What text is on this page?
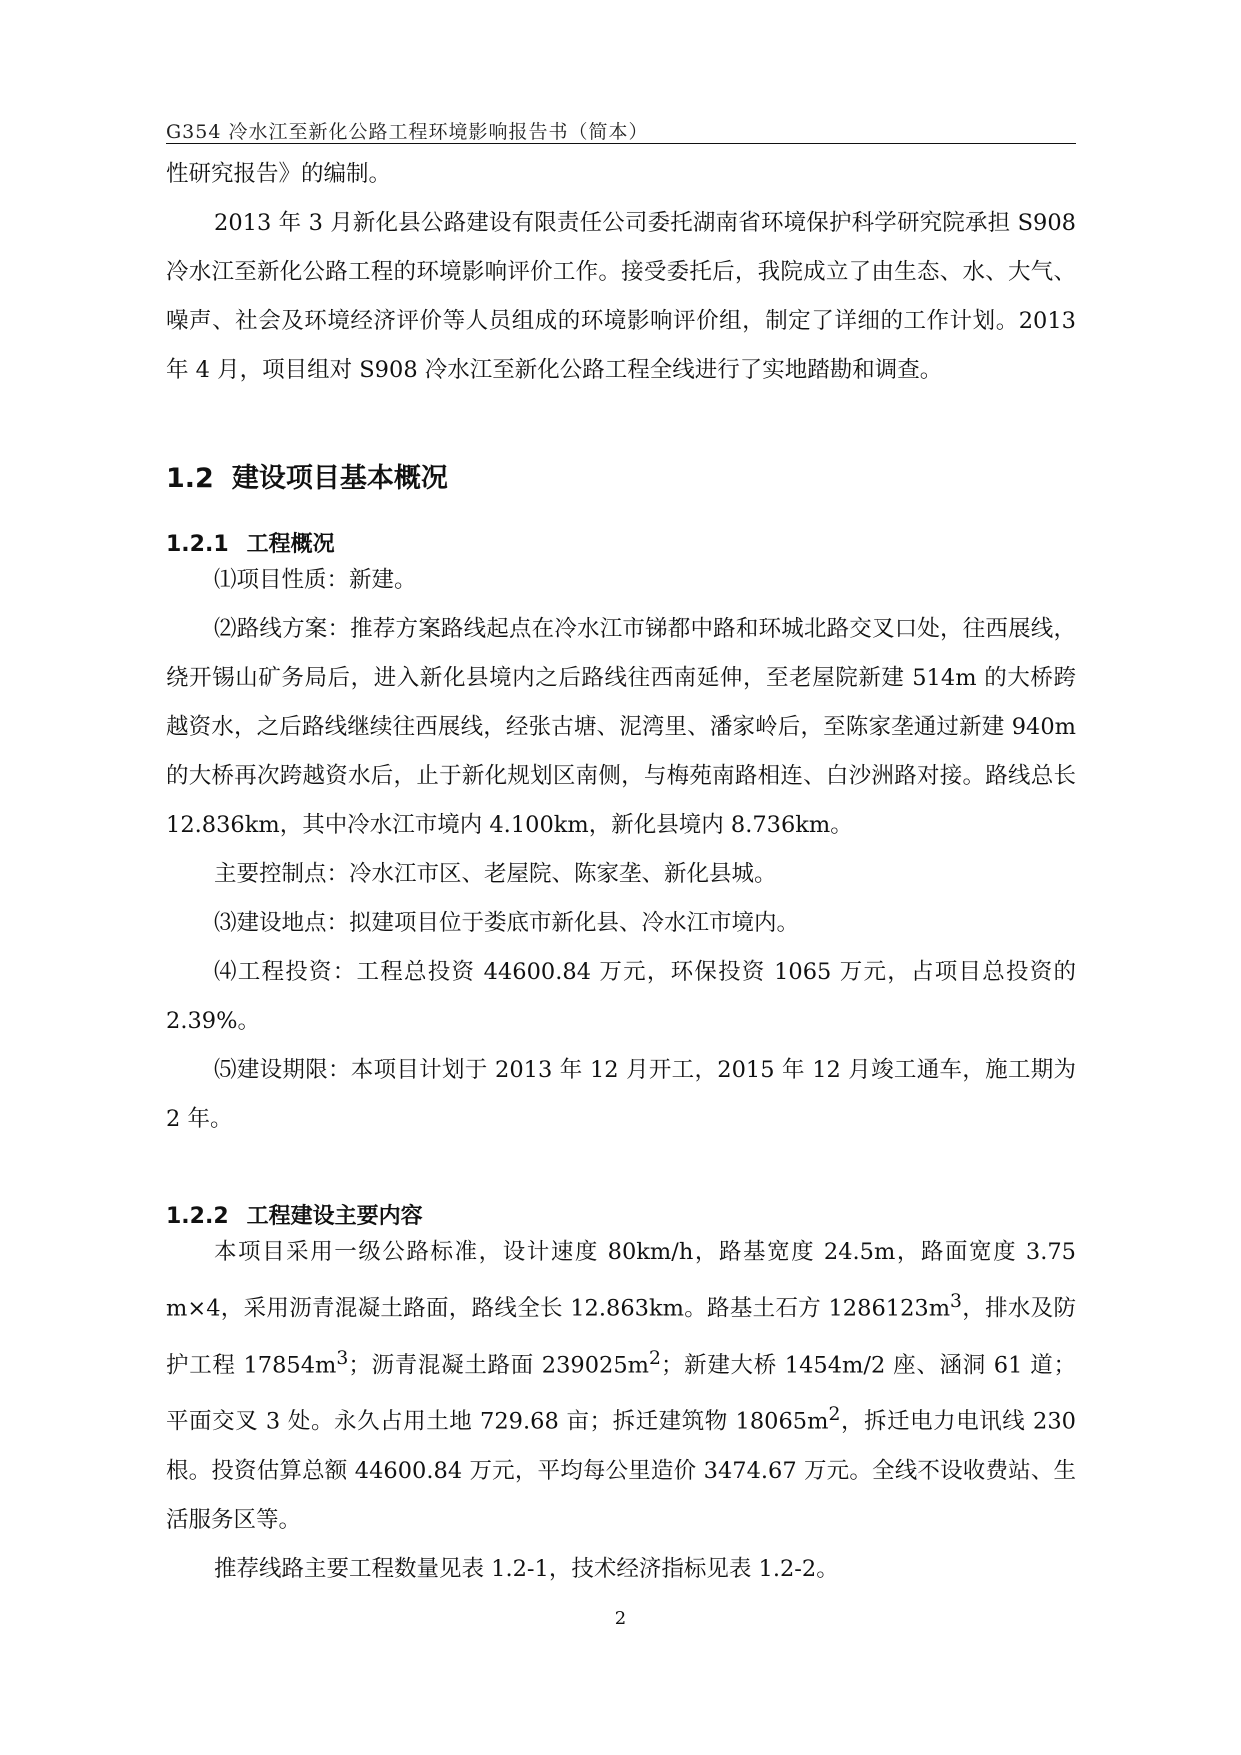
G354 冷水江至新化公路工程环境影响报告书（简本）

性研究报告》的编制。

2013 年 3 月新化县公路建设有限责任公司委托湖南省环境保护科学研究院承担 S908 冷水江至新化公路工程的环境影响评价工作。接受委托后，我院成立了由生态、水、大气、噪声、社会及环境经济评价等人员组成的环境影响评价组，制定了详细的工作计划。2013 年 4 月，项目组对 S908 冷水江至新化公路工程全线进行了实地踏勘和调查。

1.2 建设项目基本概况
1.2.1 工程概况

⑴项目性质：新建。

⑵路线方案：推荐方案路线起点在冷水江市锑都中路和环城北路交叉口处，往西展线，绕开锡山矿务局后，进入新化县境内之后路线往西南延伸，至老屋院新建 514m 的大桥跨越资水，之后路线继续往西展线，经张古塘、泥湾里、潘家岭后，至陈家垄通过新建 940m 的大桥再次跨越资水后，止于新化规划区南侧，与梅苑南路相连、白沙洲路对接。路线总长 12.836km，其中冷水江市境内 4.100km，新化县境内 8.736km。

主要控制点：冷水江市区、老屋院、陈家垄、新化县城。

⑶建设地点：拟建项目位于娄底市新化县、冷水江市境内。

⑷工程投资：工程总投资 44600.84 万元，环保投资 1065 万元，占项目总投资的 2.39%。

⑸建设期限：本项目计划于 2013 年 12 月开工，2015 年 12 月竣工通车，施工期为 2 年。

1.2.2 工程建设主要内容

本项目采用一级公路标准，设计速度 80km/h，路基宽度 24.5m，路面宽度 3.75 m×4，采用沥青混凝土路面，路线全长 12.863km。路基土石方 $1286123m^3$，排水及防护工程 $17854m^3$；沥青混凝土路面 $239025m^2$；新建大桥 1454m/2 座、涵洞 61 道；平面交叉 3 处。永久占用土地 729.68 亩；拆迁建筑物 $18065m^2$，拆迁电力电讯线 230 根。投资估算总额 44600.84 万元，平均每公里造价 3474.67 万元。全线不设收费站、生活服务区等。

推荐线路主要工程数量见表 1.2-1，技术经济指标见表 1.2-2。

2
